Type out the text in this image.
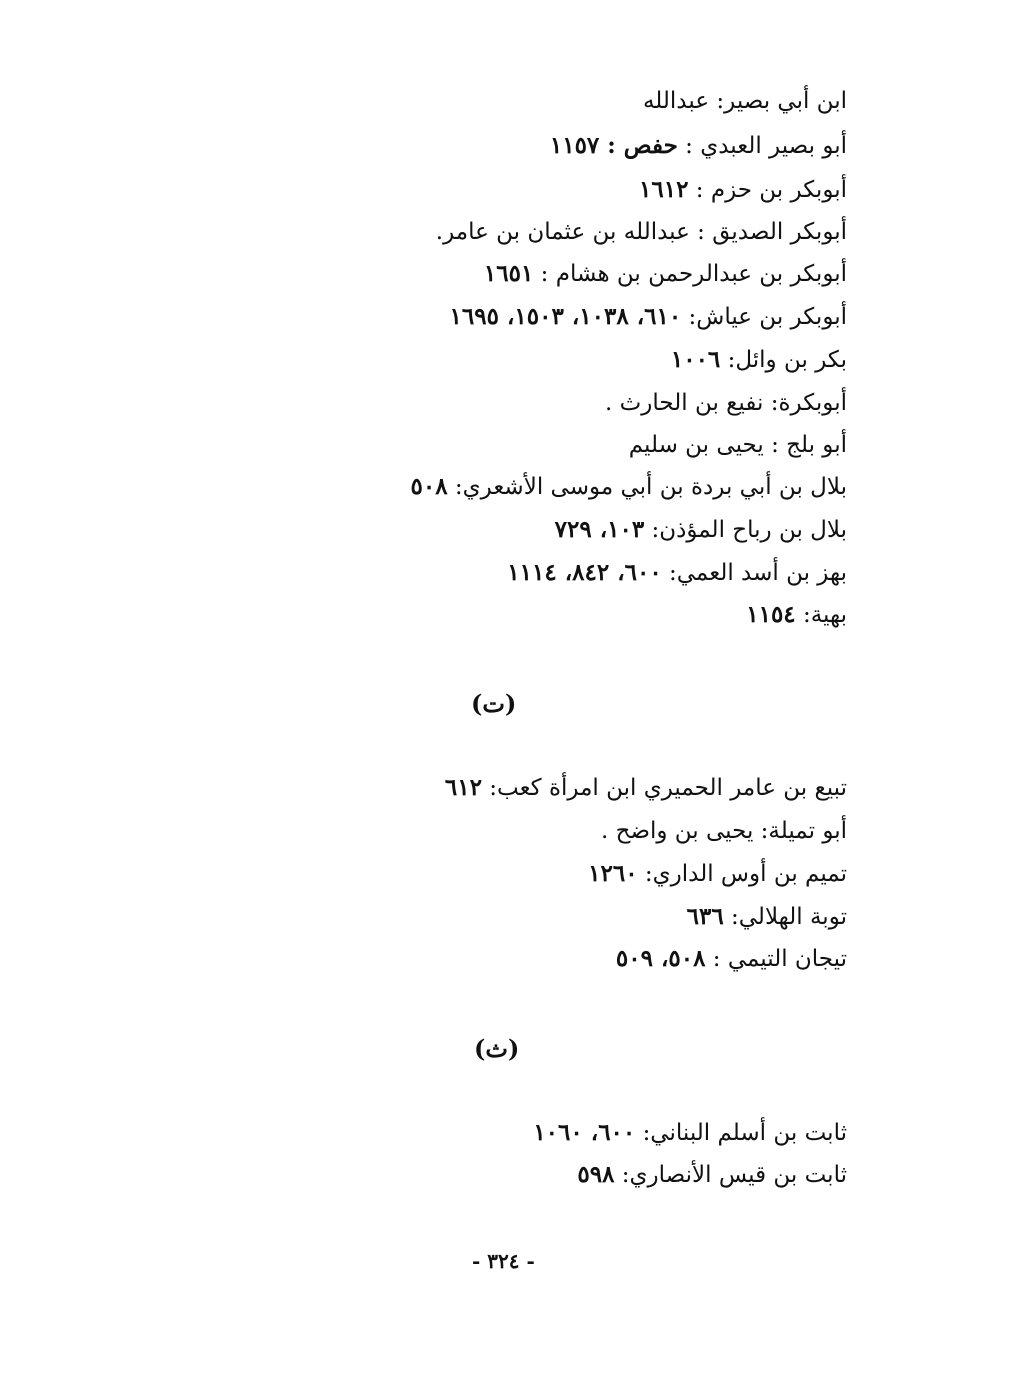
ابن أبي بصير: عبدالله
أبو بصير العبدي : حفص : ١١٥٧
أبوبكر بن حزم : ١٦١٢
أبوبكر الصديق : عبدالله بن عثمان بن عامر.
أبوبكر بن عبدالرحمن بن هشام : ١٦٥١
أبوبكر بن عياش: ٦١٠، ١٠٣٨، ١٥٠٣، ١٦٩٥
بكر بن وائل: ١٠٠٦
أبوبكرة: نفيع بن الحارث .
أبو بلج : يحيى بن سليم
بلال بن أبي بردة بن أبي موسى الأشعري: ٥٠٨
بلال بن رباح المؤذن: ١٠٣، ٧٢٩
بهز بن أسد العمي: ٦٠٠، ٨٤٢، ١١١٤
بهية: ١١٥٤
(ت)
تبيع بن عامر الحميري ابن امرأة كعب: ٦١٢
أبو تميلة: يحيى بن واضح .
تميم بن أوس الداري: ١٢٦٠
توبة الهلالي: ٦٣٦
تيجان التيمي : ٥٠٨، ٥٠٩
(ث)
ثابت بن أسلم البناني: ٦٠٠، ١٠٦٠
ثابت بن قيس الأنصاري: ٥٩٨
- ٣٢٤ -
